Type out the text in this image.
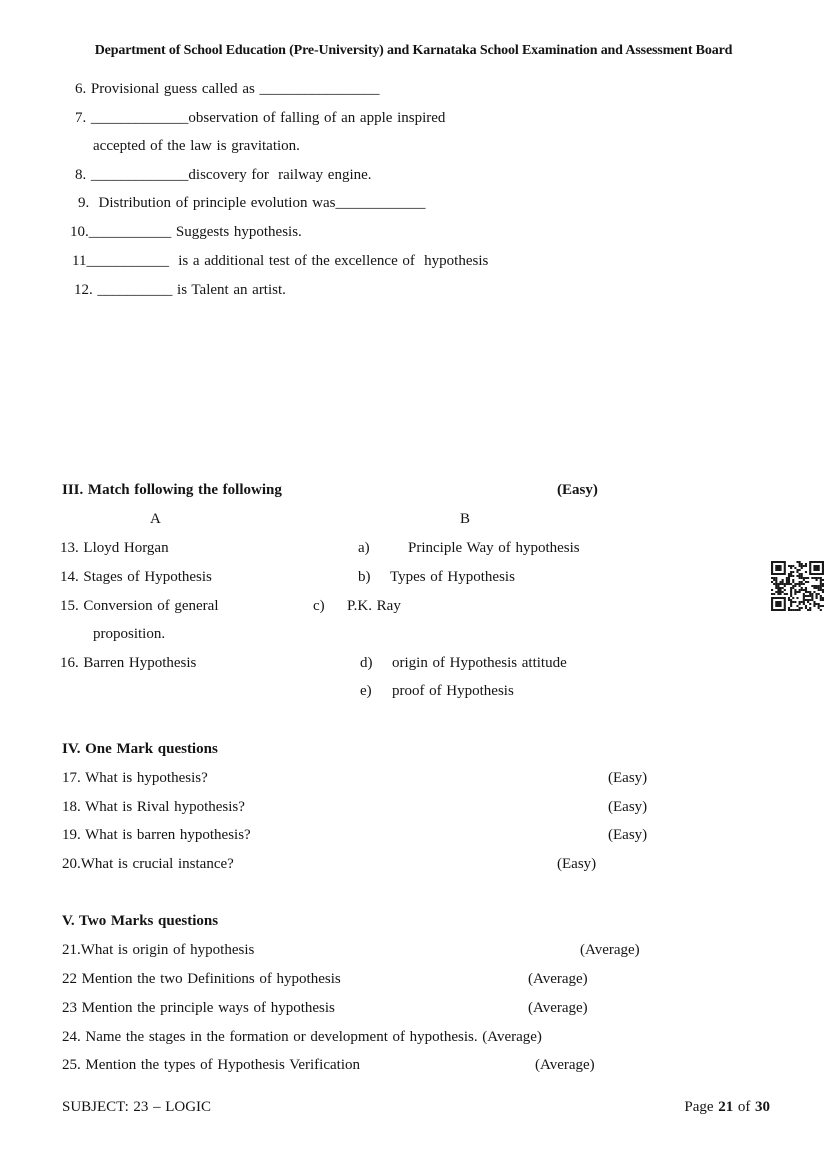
Department of School Education (Pre-University) and Karnataka School Examination and Assessment Board
6. Provisional guess called as ________________
7. _____________observation of falling of an apple inspired
accepted of the law is gravitation.
8. _____________discovery for  railway engine.
9.  Distribution of principle evolution was____________
10.___________ Suggests hypothesis.
11___________  is a additional test of the excellence of  hypothesis
12. __________ is Talent an artist.
III. Match following the following	(Easy)
A	B
13. Lloyd Horgan	a)	Principle Way of hypothesis
14. Stages of Hypothesis	b) Types of Hypothesis
15. Conversion of general	c) P.K. Ray
proposition.
16. Barren Hypothesis	d) origin of Hypothesis attitude
e) proof of Hypothesis
IV. One Mark questions
17. What is hypothesis?	(Easy)
18. What is Rival hypothesis?	(Easy)
19. What is barren hypothesis?	(Easy)
20.What is crucial instance?	(Easy)
V. Two Marks questions
21.What is origin of hypothesis	(Average)
22 Mention the two Definitions of hypothesis	(Average)
23 Mention the principle ways of hypothesis	(Average)
24. Name the stages in the formation or development of hypothesis. (Average)
25. Mention the types of Hypothesis Verification	(Average)
SUBJECT: 23 – LOGIC	Page 21 of 30
